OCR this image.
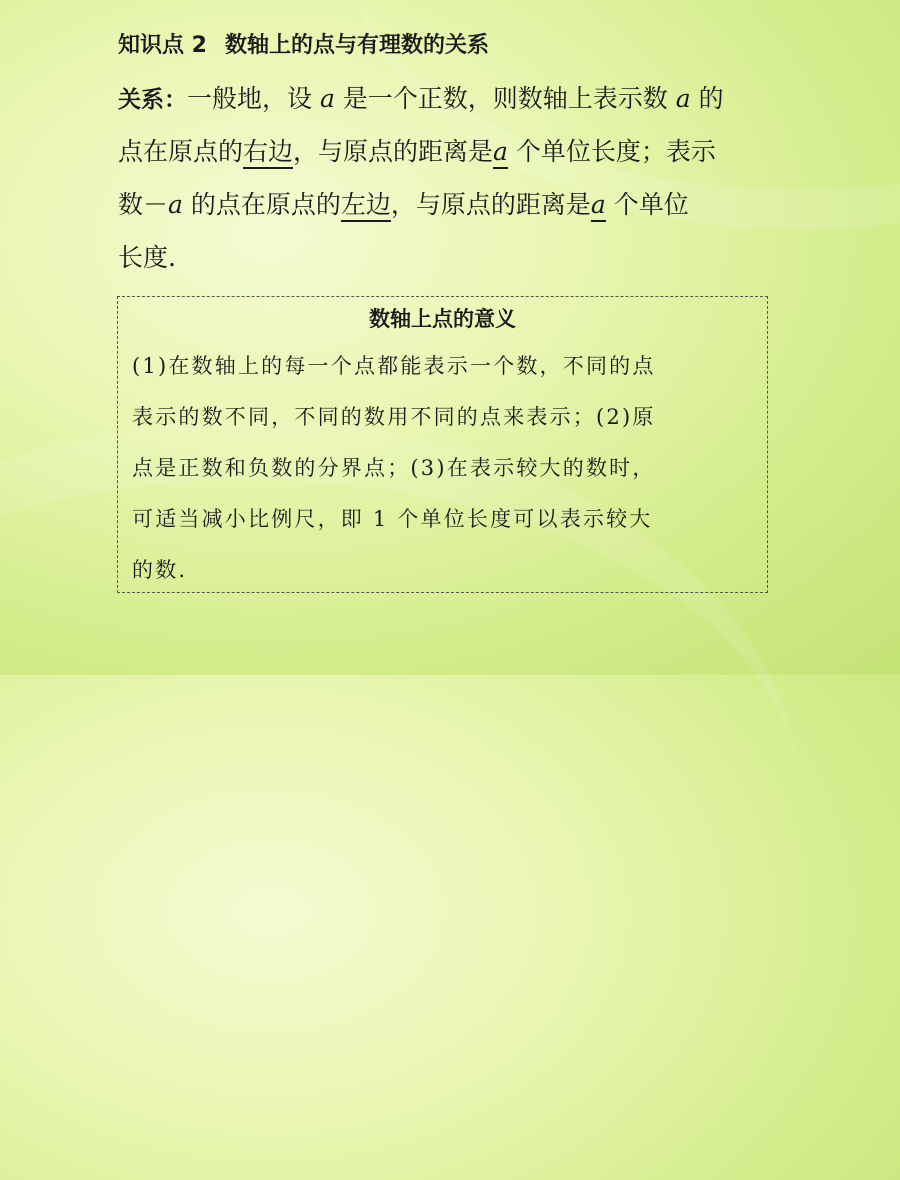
知识点 2 数轴上的点与有理数的关系
关系：一般地，设 a 是一个正数，则数轴上表示数 a 的
点在原点的右边，与原点的距离是a 个单位长度；表示
数－a 的点在原点的左边，与原点的距离是a 个单位
长度.
数轴上点的意义
(1)在数轴上的每一个点都能表示一个数，不同的点
表示的数不同，不同的数用不同的点来表示；(2)原
点是正数和负数的分界点；(3)在表示较大的数时，
可适当减小比例尺，即 1 个单位长度可以表示较大
的数.
